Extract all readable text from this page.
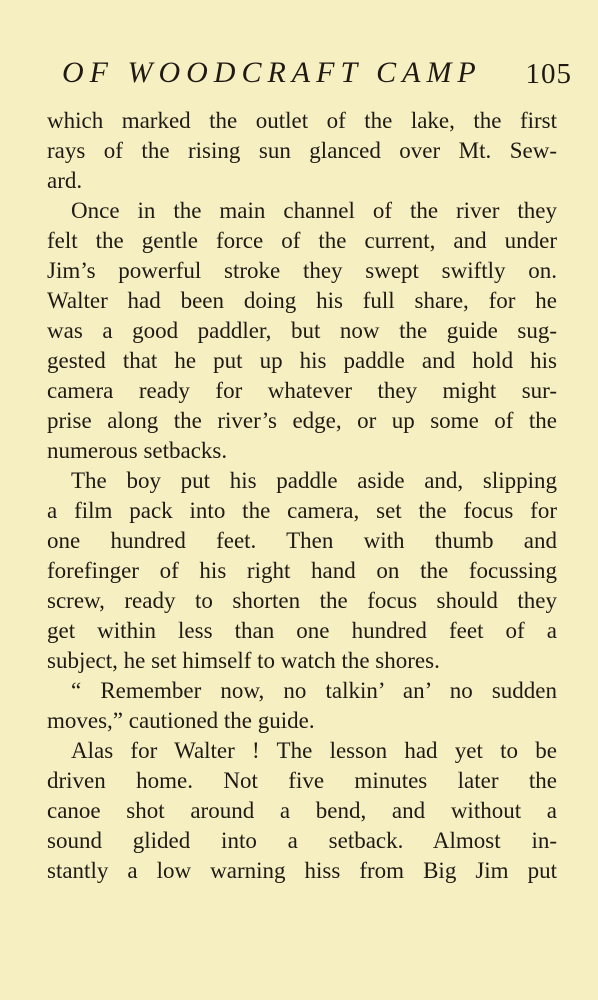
OF WOODCRAFT CAMP 105
which marked the outlet of the lake, the first
rays of the rising sun glanced over Mt. Sew-
ard.
Once in the main channel of the river they
felt the gentle force of the current, and under
Jim’s powerful stroke they swept swiftly on.
Walter had been doing his full share, for he
was a good paddler, but now the guide sug-
gested that he put up his paddle and hold his
camera ready for whatever they might sur-
prise along the river’s edge, or up some of the
numerous setbacks.
The boy put his paddle aside and, slipping
a film pack into the camera, set the focus for
one hundred feet. Then with thumb and
forefinger of his right hand on the focussing
screw, ready to shorten the focus should they
get within less than one hundred feet of a
subject, he set himself to watch the shores.
“ Remember now, no talkin’ an’ no sudden
moves,” cautioned the guide.
Alas for Walter ! The lesson had yet to be
driven home. Not five minutes later the
canoe shot around a bend, and without a
sound glided into a setback. Almost in-
stantly a low warning hiss from Big Jim put
